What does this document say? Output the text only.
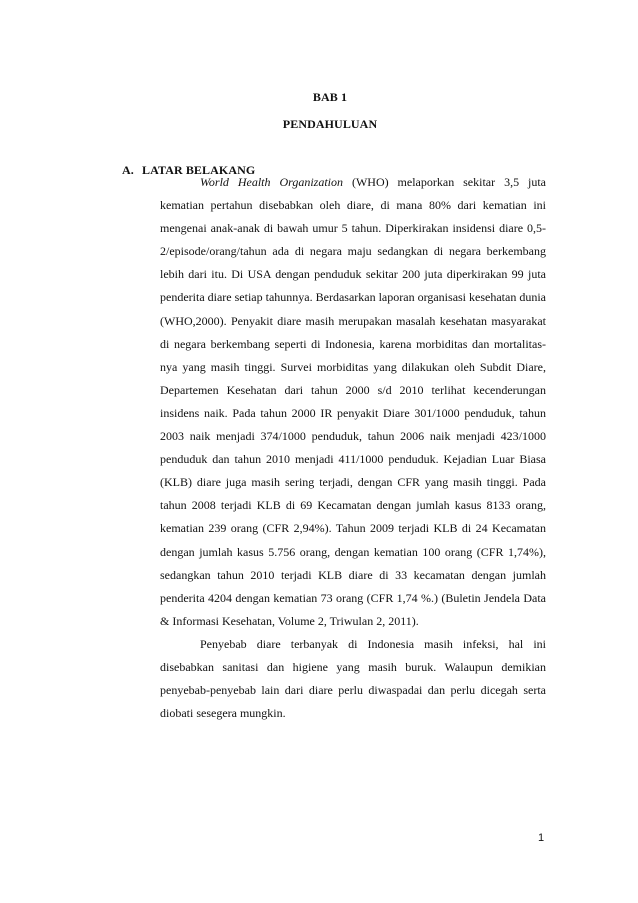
BAB 1
PENDAHULUAN
A. LATAR BELAKANG

World Health Organization (WHO) melaporkan sekitar 3,5 juta kematian pertahun disebabkan oleh diare, di mana 80% dari kematian ini mengenai anak-anak di bawah umur 5 tahun. Diperkirakan insidensi diare 0,5-2/episode/orang/tahun ada di negara maju sedangkan di negara berkembang lebih dari itu. Di USA dengan penduduk sekitar 200 juta diperkirakan 99 juta penderita diare setiap tahunnya. Berdasarkan laporan organisasi kesehatan dunia (WHO,2000). Penyakit diare masih merupakan masalah kesehatan masyarakat di negara berkembang seperti di Indonesia, karena morbiditas dan mortalitas-nya yang masih tinggi. Survei morbiditas yang dilakukan oleh Subdit Diare, Departemen Kesehatan dari tahun 2000 s/d 2010 terlihat kecenderungan insidens naik. Pada tahun 2000 IR penyakit Diare 301/1000 penduduk, tahun 2003 naik menjadi 374/1000 penduduk, tahun 2006 naik menjadi 423/1000 penduduk dan tahun 2010 menjadi 411/1000 penduduk. Kejadian Luar Biasa (KLB) diare juga masih sering terjadi, dengan CFR yang masih tinggi. Pada tahun 2008 terjadi KLB di 69 Kecamatan dengan jumlah kasus 8133 orang, kematian 239 orang (CFR 2,94%). Tahun 2009 terjadi KLB di 24 Kecamatan dengan jumlah kasus 5.756 orang, dengan kematian 100 orang (CFR 1,74%), sedangkan tahun 2010 terjadi KLB diare di 33 kecamatan dengan jumlah penderita 4204 dengan kematian 73 orang (CFR 1,74 %.) (Buletin Jendela Data & Informasi Kesehatan, Volume 2, Triwulan 2, 2011).

Penyebab diare terbanyak di Indonesia masih infeksi, hal ini disebabkan sanitasi dan higiene yang masih buruk. Walaupun demikian penyebab-penyebab lain dari diare perlu diwaspadai dan perlu dicegah serta diobati sesegera mungkin.

1
